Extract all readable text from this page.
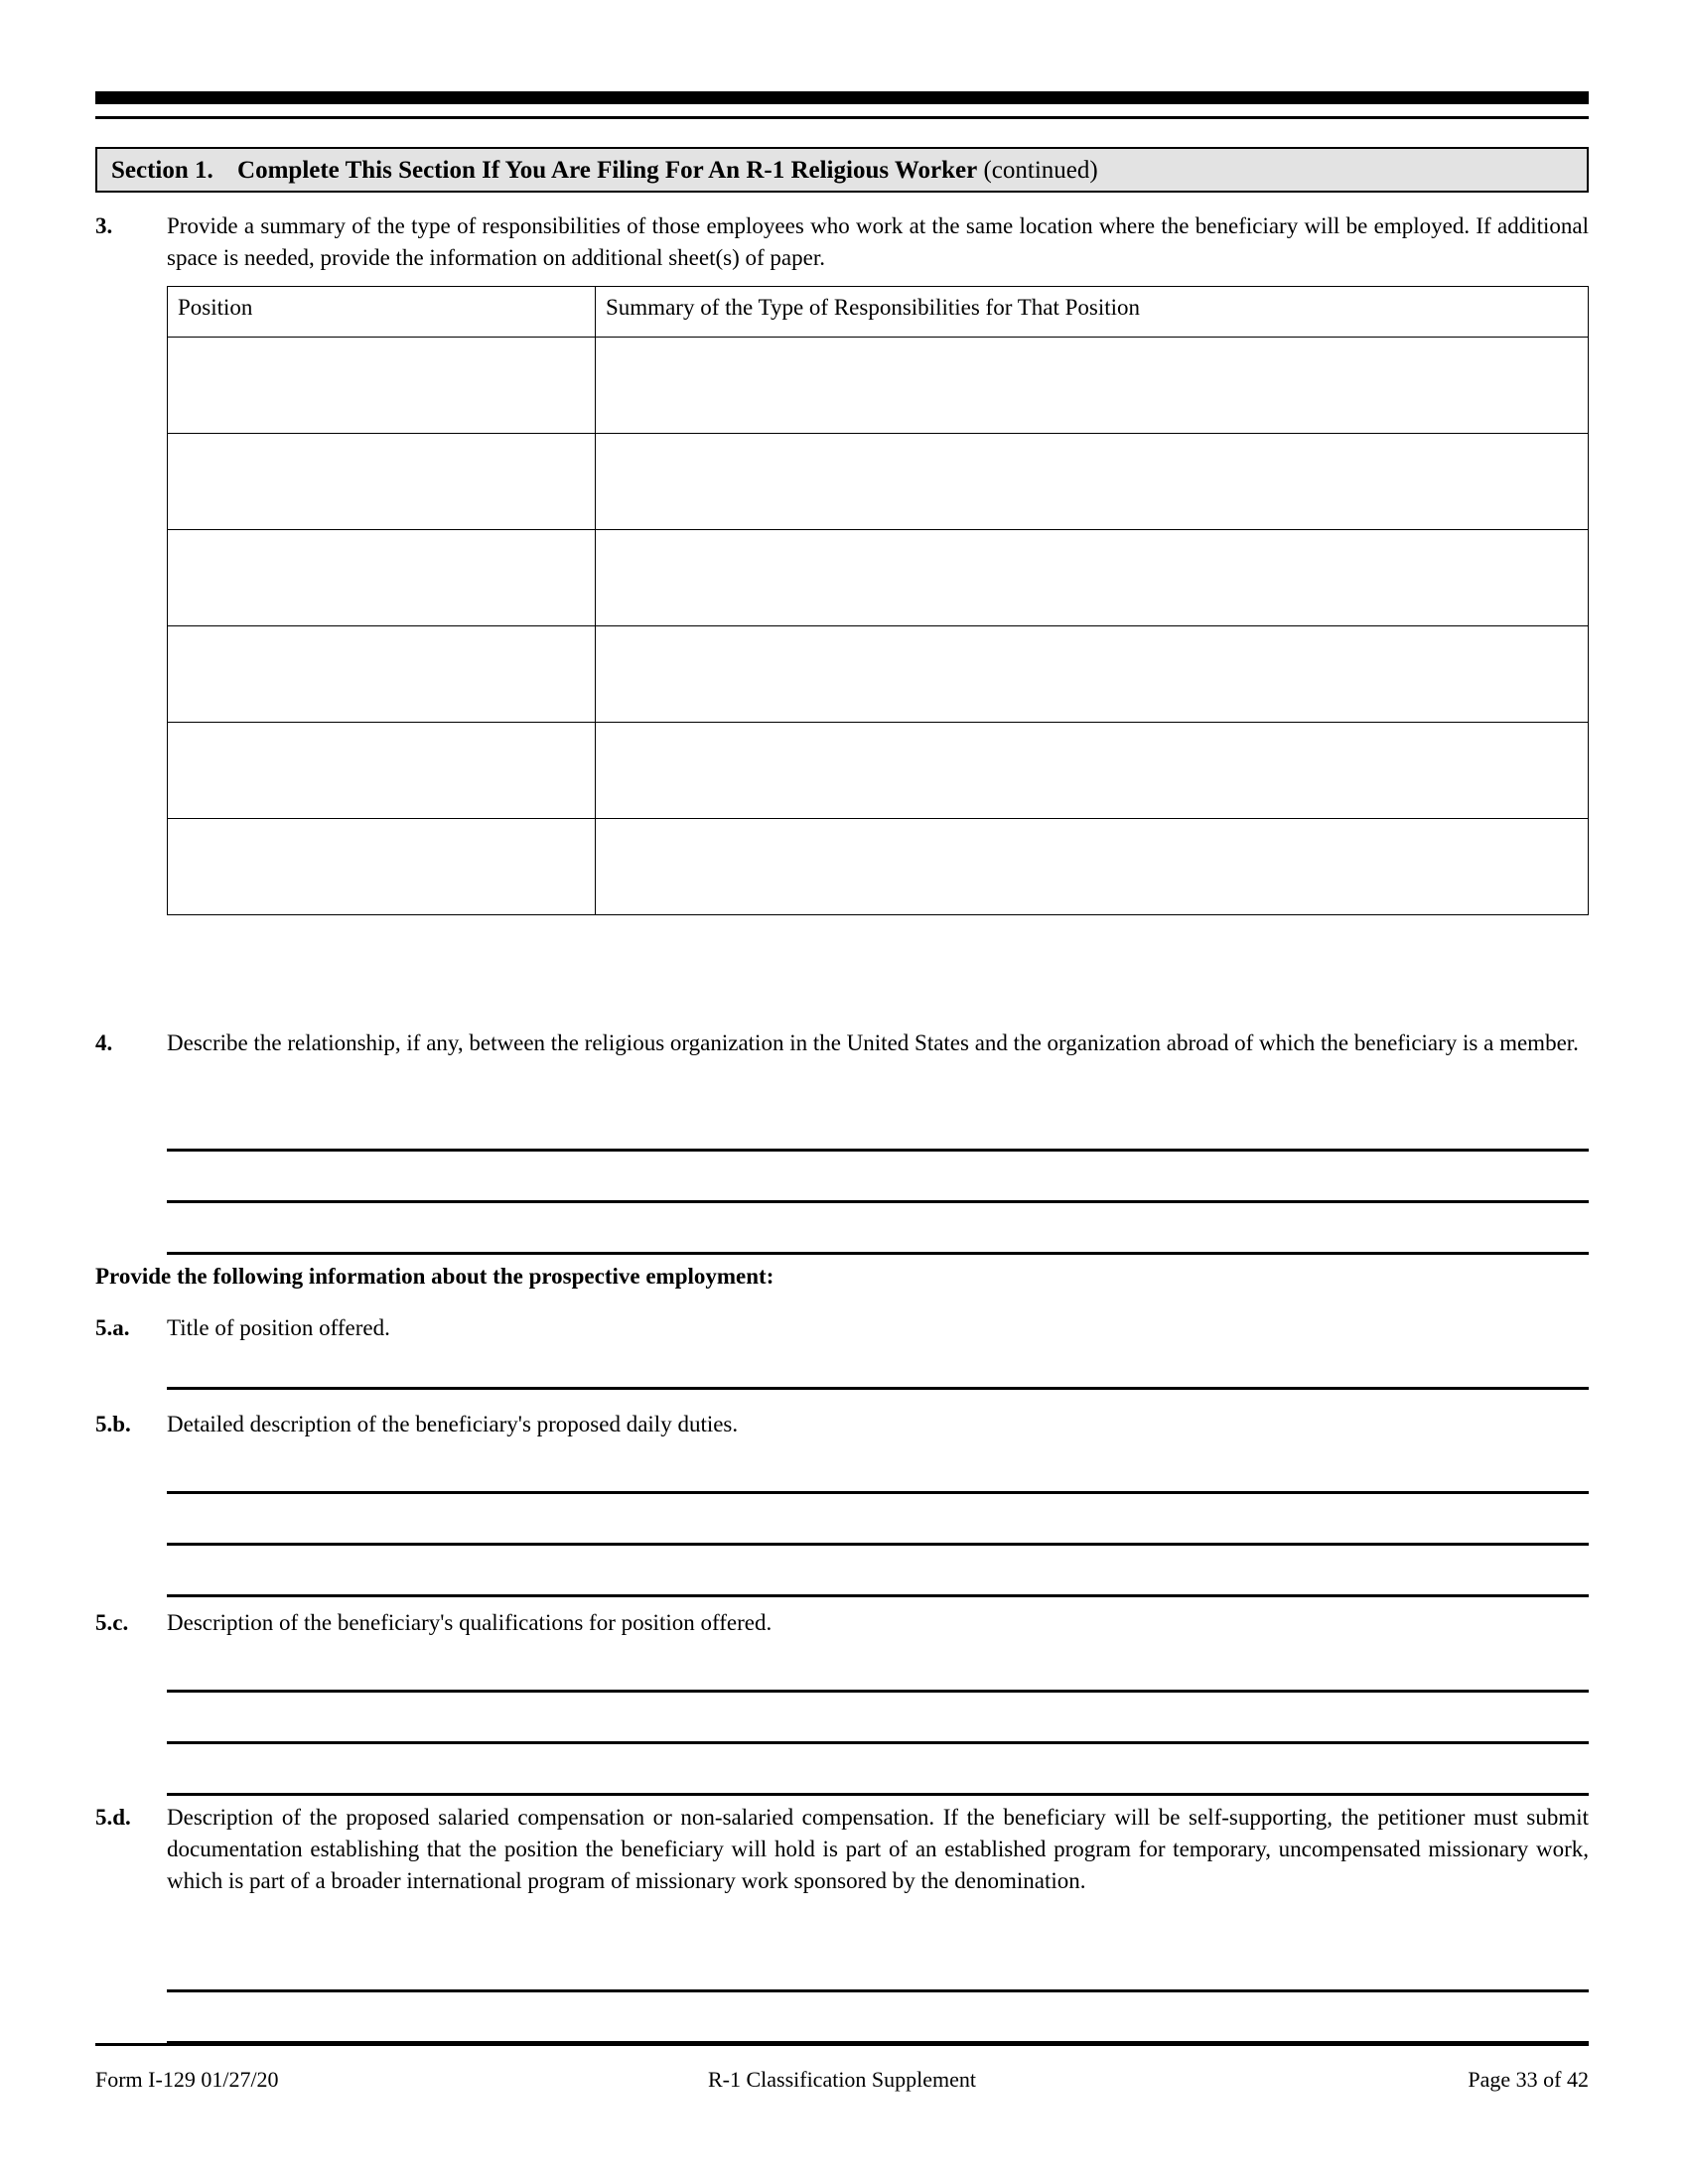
Section 1. Complete This Section If You Are Filing For An R-1 Religious Worker (continued)
3.	Provide a summary of the type of responsibilities of those employees who work at the same location where the beneficiary will be employed. If additional space is needed, provide the information on additional sheet(s) of paper.
Position	Summary of the Type of Responsibilities for That Position

4.	Describe the relationship, if any, between the religious organization in the United States and the organization abroad of which the beneficiary is a member.
Provide the following information about the prospective employment:
5.a.	Title of position offered.
5.b.	Detailed description of the beneficiary's proposed daily duties.
5.c.	Description of the beneficiary's qualifications for position offered.
5.d.	Description of the proposed salaried compensation or non-salaried compensation. If the beneficiary will be self-supporting, the petitioner must submit documentation establishing that the position the beneficiary will hold is part of an established program for temporary, uncompensated missionary work, which is part of a broader international program of missionary work sponsored by the denomination.
R-1 Classification Supplement
Form I-129 01/27/20	Page 33 of 42
